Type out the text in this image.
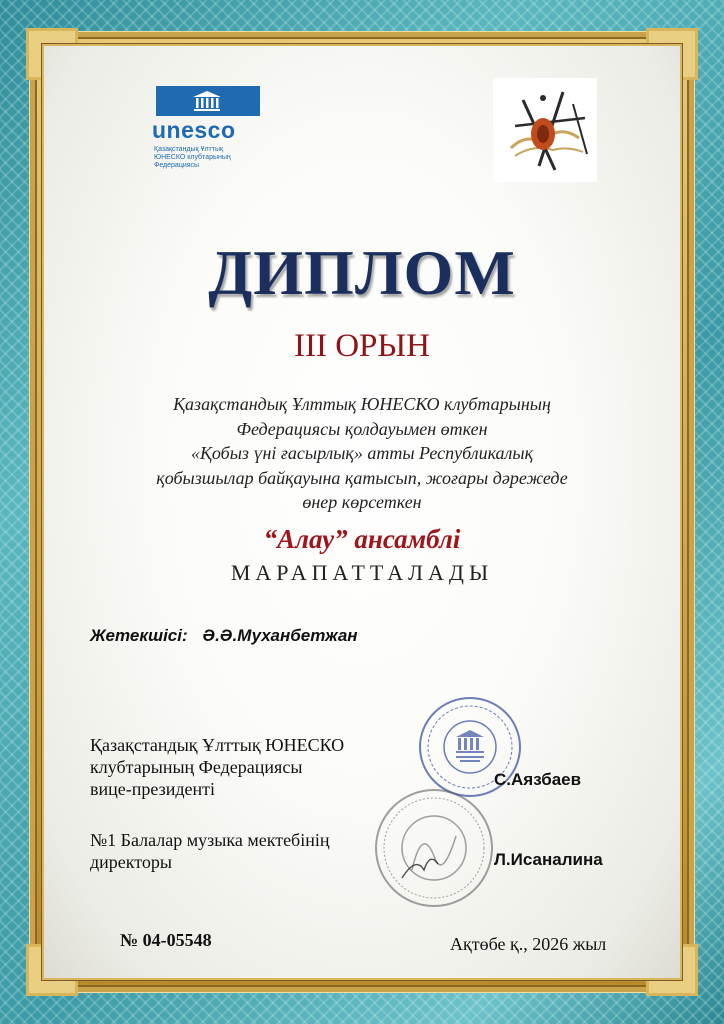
unesco
Қазақстандық Ұлттық
ЮНЕСКО клубтарының
Федерациясы
ДИПЛОМ
III ОРЫН
Қазақстандық Ұлттық ЮНЕСКО клубтарының
Федерациясы қолдауымен өткен
«Қобыз үні ғасырлық» атты Республикалық
қобызшылар байқауына қатысып, жоғары дәрежеде
өнер көрсеткен
“Алау” ансамблі
МАРАПАТТАЛАДЫ
Жетекшісі: Ә.Ә.Муханбетжан
Қазақстандық Ұлттық ЮНЕСКО
клубтарының Федерациясы
вице-президенті	С.Аязбаев
№1 Балалар музыка мектебінің
директоры	Л.Исаналина
№ 04-05548	Ақтөбе қ., 2026 жыл
